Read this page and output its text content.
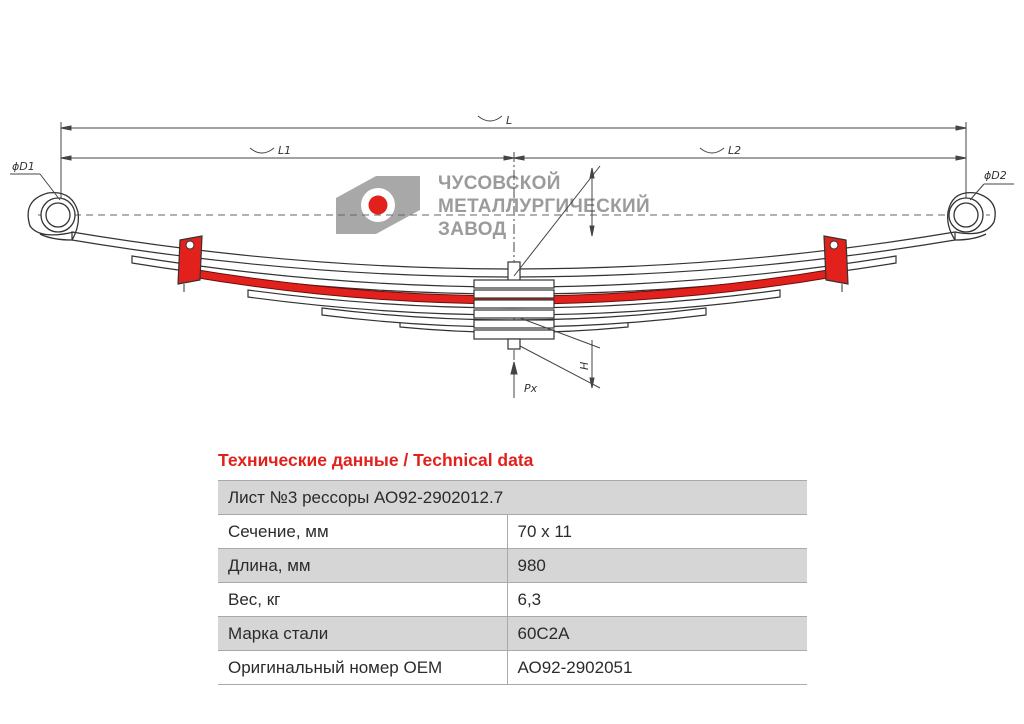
ЧУСОВСКОЙ
МЕТАЛЛУРГИЧЕСКИЙ
ЗАВОД
L
L1	L2
ϕD1
ϕD2
H
Px
Технические данные / Technical data
Лист №3 рессоры АО92-2902012.7	
Сечение, мм	70 x 11
Длина, мм	980
Вес, кг	6,3
Марка стали	60С2А
Оригинальный номер OEM	АО92-2902051
